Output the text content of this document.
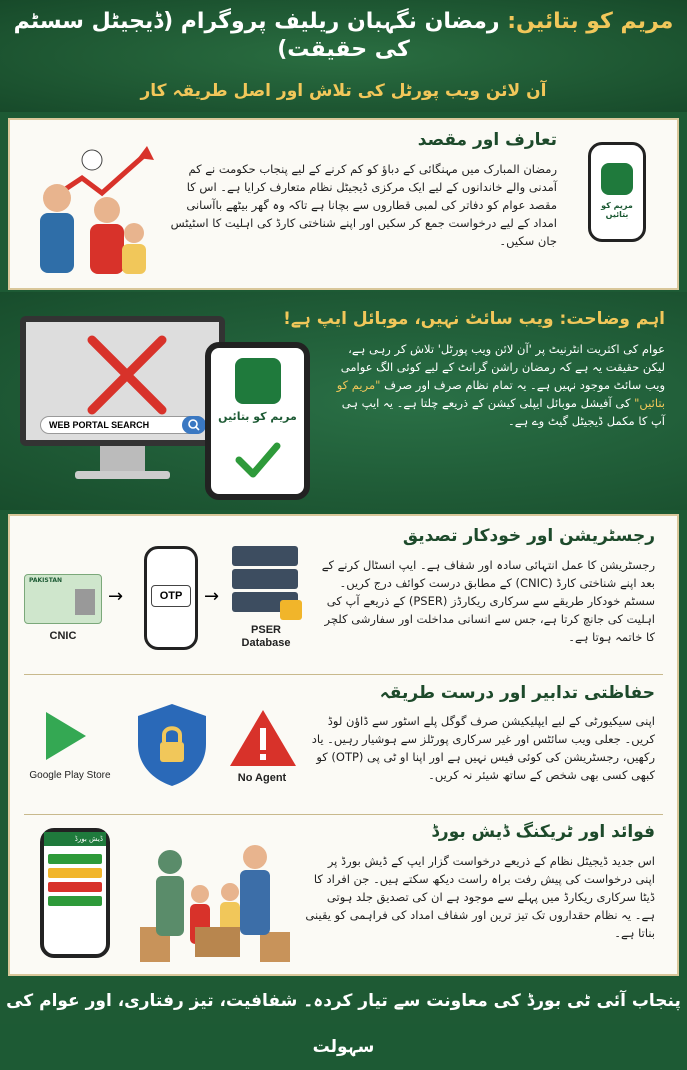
مریم کو بتائیں: رمضان نگہبان ریلیف پروگرام (ڈیجیٹل سسٹم کی حقیقت)
آن لائن ویب پورٹل کی تلاش اور اصل طریقہ کار
تعارف اور مقصد
رمضان المبارک میں مہنگائی کے دباؤ کو کم کرنے کے لیے پنجاب حکومت نے کم آمدنی والے خاندانوں کے لیے ایک مرکزی ڈیجیٹل نظام متعارف کرایا ہے۔ اس کا مقصد عوام کو دفاتر کی لمبی قطاروں سے بچانا ہے تاکہ وہ گھر بیٹھے باآسانی امداد کے لیے درخواست جمع کر سکیں اور اپنے شناختی کارڈ کی اہلیت کا اسٹیٹس جان سکیں۔
مریم کو بتائیں
WEB PORTAL SEARCH
مریم کو بتائیں
اہم وضاحت: ویب سائٹ نہیں، موبائل ایپ ہے!
عوام کی اکثریت انٹرنیٹ پر 'آن لائن ویب پورٹل' تلاش کر رہی ہے، لیکن حقیقت یہ ہے کہ رمضان راشن گرانٹ کے لیے کوئی الگ عوامی ویب سائٹ موجود نہیں ہے۔ یہ تمام نظام صرف اور صرف "مریم کو بتائیں" کی آفیشل موبائل ایپلی کیشن کے ذریعے چلتا ہے۔ یہ ایپ ہی آپ کا مکمل ڈیجیٹل گیٹ وے ہے۔
PAKISTAN
CNIC
→	OTP	→
PSER
Database
رجسٹریشن اور خودکار تصدیق
رجسٹریشن کا عمل انتہائی سادہ اور شفاف ہے۔ ایپ انسٹال کرنے کے بعد اپنے شناختی کارڈ (CNIC) کے مطابق درست کوائف درج کریں۔ سسٹم خودکار طریقے سے سرکاری ریکارڈز (PSER) کے ذریعے آپ کی اہلیت کی جانچ کرتا ہے، جس سے انسانی مداخلت اور سفارشی کلچر کا خاتمہ ہوتا ہے۔
Google Play Store	No Agent
حفاظتی تدابیر اور درست طریقہ
اپنی سیکیورٹی کے لیے ایپلیکیشن صرف گوگل پلے اسٹور سے ڈاؤن لوڈ کریں۔ جعلی ویب سائٹس اور غیر سرکاری پورٹلز سے ہوشیار رہیں۔ یاد رکھیں، رجسٹریشن کی کوئی فیس نہیں ہے اور اپنا او ٹی پی (OTP) کو کبھی کسی بھی شخص کے ساتھ شیئر نہ کریں۔
ڈیش بورڈ	فوائد اور ٹریکنگ ڈیش بورڈ
اس جدید ڈیجیٹل نظام کے ذریعے درخواست گزار ایپ کے ڈیش بورڈ پر اپنی درخواست کی پیش رفت براہ راست دیکھ سکتے ہیں۔ جن افراد کا ڈیٹا سرکاری ریکارڈ میں پہلے سے موجود ہے ان کی تصدیق جلد ہوتی ہے۔ یہ نظام حقداروں تک تیز ترین اور شفاف امداد کی فراہمی کو یقینی بناتا ہے۔
پنجاب آئی ٹی بورڈ کی معاونت سے تیار کردہ۔ شفافیت، تیز رفتاری، اور عوام کی سہولت
